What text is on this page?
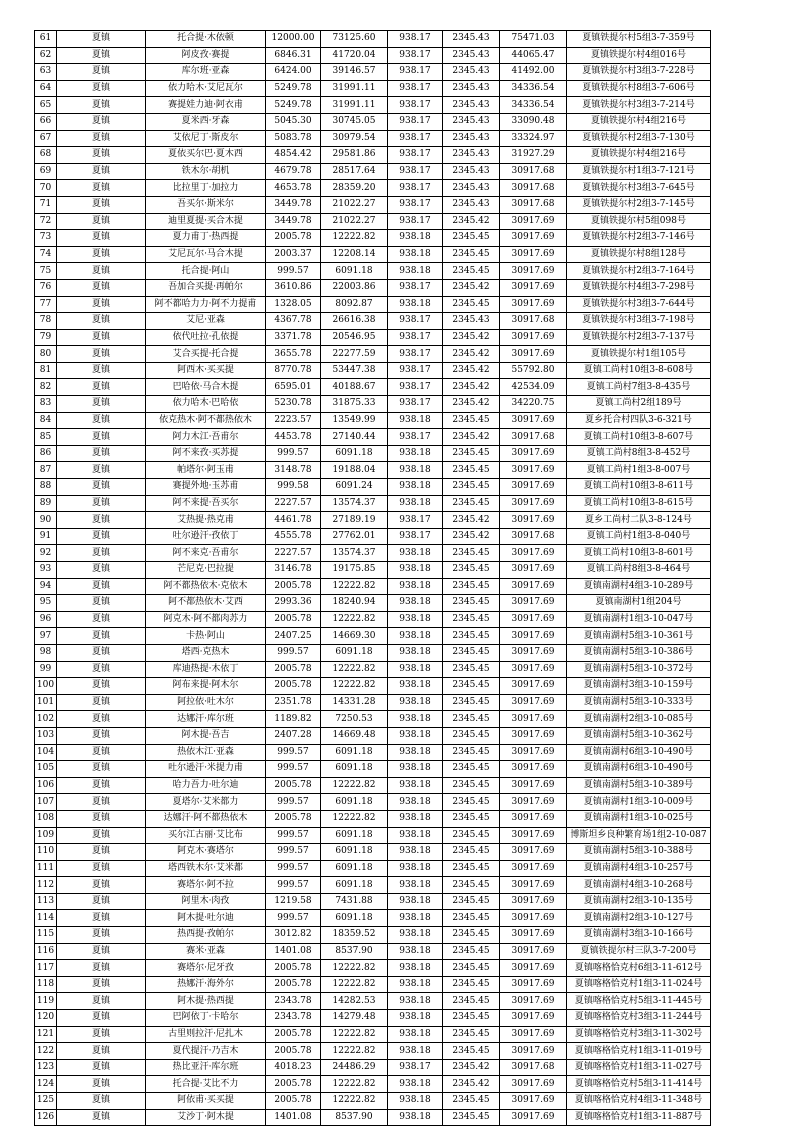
61	夏镇	托合提·木依顿	12000.00	73125.60	938.17	2345.43	75471.03	夏镇铁提尔村5组3-7-359号
62	夏镇	阿皮孜·赛提	6846.31	41720.04	938.17	2345.43	44065.47	夏镇铁提尔村4组016号
63	夏镇	库尔班·亚森	6424.00	39146.57	938.17	2345.43	41492.00	夏镇铁提尔村3组3-7-228号
64	夏镇	依力哈木·艾尼瓦尔	5249.78	31991.11	938.17	2345.43	34336.54	夏镇铁提尔村8组3-7-606号
65	夏镇	赛提娃力迪·阿衣甫	5249.78	31991.11	938.17	2345.43	34336.54	夏镇铁提尔村3组3-7-214号
66	夏镇	夏米西·牙森	5045.30	30745.05	938.17	2345.43	33090.48	夏镇铁提尔村4组216号
67	夏镇	艾依尼丁·斯皮尔	5083.78	30979.54	938.17	2345.43	33324.97	夏镇铁提尔村2组3-7-130号
68	夏镇	夏依买尔巴·夏木西	4854.42	29581.86	938.17	2345.43	31927.29	夏镇铁提尔村4组216号
69	夏镇	铁木尔·胡机	4679.78	28517.64	938.17	2345.43	30917.68	夏镇铁提尔村1组3-7-121号
70	夏镇	比拉里丁·加拉力	4653.78	28359.20	938.17	2345.43	30917.68	夏镇铁提尔村3组3-7-645号
71	夏镇	吾买尔·斯米尔	3449.78	21022.27	938.17	2345.43	30917.68	夏镇铁提尔村2组3-7-145号
72	夏镇	迪里夏提·买合木提	3449.78	21022.27	938.17	2345.42	30917.69	夏镇铁提尔村5组098号
73	夏镇	夏力甫丁·热西提	2005.78	12222.82	938.18	2345.45	30917.69	夏镇铁提尔村2组3-7-146号
74	夏镇	艾尼瓦尔·马合木提	2003.37	12208.14	938.18	2345.45	30917.69	夏镇铁提尔村8组128号
75	夏镇	托合提·阿山	999.57	6091.18	938.18	2345.45	30917.69	夏镇铁提尔村2组3-7-164号
76	夏镇	吾加合买提·再帕尔	3610.86	22003.86	938.17	2345.42	30917.69	夏镇铁提尔村4组3-7-298号
77	夏镇	阿不都哈力力·阿不力提甫	1328.05	8092.87	938.18	2345.45	30917.69	夏镇铁提尔村3组3-7-644号
78	夏镇	艾尼·亚森	4367.78	26616.38	938.17	2345.43	30917.68	夏镇铁提尔村3组3-7-198号
79	夏镇	依代吐拉·孔依提	3371.78	20546.95	938.17	2345.42	30917.69	夏镇铁提尔村2组3-7-137号
80	夏镇	艾合买提·托合提	3655.78	22277.59	938.17	2345.42	30917.69	夏镇铁提尔村1组105号
81	夏镇	阿西木·买买提	8770.78	53447.38	938.17	2345.42	55792.80	夏镇工尚村10组3-8-608号
82	夏镇	巴哈依·马合木提	6595.01	40188.67	938.17	2345.42	42534.09	夏镇工尚村7组3-8-435号
83	夏镇	依力哈木·巴哈依	5230.78	31875.33	938.17	2345.42	34220.75	夏镇工尚村2组189号
84	夏镇	依克热木·阿不都热依木	2223.57	13549.99	938.18	2345.45	30917.69	夏乡托合村四队3-6-321号
85	夏镇	阿力木江·吾甫尔	4453.78	27140.44	938.17	2345.42	30917.68	夏镇工尚村10组3-8-607号
86	夏镇	阿不来孜·买苏提	999.57	6091.18	938.18	2345.45	30917.69	夏镇工尚村8组3-8-452号
87	夏镇	帕塔尔·阿玉甫	3148.78	19188.04	938.18	2345.45	30917.69	夏镇工尚村1组3-8-007号
88	夏镇	赛提外地·玉苏甫	999.58	6091.24	938.18	2345.45	30917.69	夏镇工尚村10组3-8-611号
89	夏镇	阿不来提·吾买尔	2227.57	13574.37	938.18	2345.45	30917.69	夏镇工尚村10组3-8-615号
90	夏镇	艾热提·热克甫	4461.78	27189.19	938.17	2345.42	30917.69	夏乡工尚村二队3-8-124号
91	夏镇	吐尔逊汗·孜依丁	4555.78	27762.01	938.17	2345.42	30917.68	夏镇工尚村1组3-8-040号
92	夏镇	阿不来克·吾甫尔	2227.57	13574.37	938.18	2345.45	30917.69	夏镇工尚村10组3-8-601号
93	夏镇	芒尼克·巴拉提	3146.78	19175.85	938.18	2345.45	30917.69	夏镇工尚村8组3-8-464号
94	夏镇	阿不都热依木·克依木	2005.78	12222.82	938.18	2345.45	30917.69	夏镇南湖村4组3-10-289号
95	夏镇	阿不都热依木·艾西	2993.36	18240.94	938.18	2345.45	30917.69	夏镇南湖村1组204号
96	夏镇	阿克木·阿不都肉苏力	2005.78	12222.82	938.18	2345.45	30917.69	夏镇南湖村1组3-10-047号
97	夏镇	卡热·阿山	2407.25	14669.30	938.18	2345.45	30917.69	夏镇南湖村5组3-10-361号
98	夏镇	塔西·克热木	999.57	6091.18	938.18	2345.45	30917.69	夏镇南湖村5组3-10-386号
99	夏镇	库迪热提·木依丁	2005.78	12222.82	938.18	2345.45	30917.69	夏镇南湖村5组3-10-372号
100	夏镇	阿布来提·阿木尔	2005.78	12222.82	938.18	2345.45	30917.69	夏镇南湖村3组3-10-159号
101	夏镇	阿拉依·吐木尔	2351.78	14331.28	938.18	2345.45	30917.69	夏镇南湖村5组3-10-333号
102	夏镇	达娜汗·库尔班	1189.82	7250.53	938.18	2345.45	30917.69	夏镇南湖村2组3-10-085号
103	夏镇	阿木提·吾吉	2407.28	14669.48	938.18	2345.45	30917.69	夏镇南湖村5组3-10-362号
104	夏镇	热依木江·亚森	999.57	6091.18	938.18	2345.45	30917.69	夏镇南湖村6组3-10-490号
105	夏镇	吐尔逊汗·米提力甫	999.57	6091.18	938.18	2345.45	30917.69	夏镇南湖村6组3-10-490号
106	夏镇	哈力吾力·吐尔迪	2005.78	12222.82	938.18	2345.45	30917.69	夏镇南湖村5组3-10-389号
107	夏镇	夏塔尔·艾米都力	999.57	6091.18	938.18	2345.45	30917.69	夏镇南湖村1组3-10-009号
108	夏镇	达娜汗·阿不都热依木	2005.78	12222.82	938.18	2345.45	30917.69	夏镇南湖村1组3-10-025号
109	夏镇	买尔江古丽·艾比布	999.57	6091.18	938.18	2345.45	30917.69	博斯坦乡良种繁育场1组2-10-087
110	夏镇	阿克木·赛塔尔	999.57	6091.18	938.18	2345.45	30917.69	夏镇南湖村5组3-10-388号
111	夏镇	塔西铁木尔·艾米都	999.57	6091.18	938.18	2345.45	30917.69	夏镇南湖村4组3-10-257号
112	夏镇	赛塔尔·阿不拉	999.57	6091.18	938.18	2345.45	30917.69	夏镇南湖村4组3-10-268号
113	夏镇	阿里木·肉孜	1219.58	7431.88	938.18	2345.45	30917.69	夏镇南湖村2组3-10-135号
114	夏镇	阿木提·吐尔迪	999.57	6091.18	938.18	2345.45	30917.69	夏镇南湖村2组3-10-127号
115	夏镇	热西提·孜帕尔	3012.82	18359.52	938.18	2345.45	30917.69	夏镇南湖村3组3-10-166号
116	夏镇	赛米·亚森	1401.08	8537.90	938.18	2345.45	30917.69	夏镇铁提尔村三队3-7-200号
117	夏镇	赛塔尔·尼牙孜	2005.78	12222.82	938.18	2345.45	30917.69	夏镇喀格恰克村6组3-11-612号
118	夏镇	热娜汗·海外尔	2005.78	12222.82	938.18	2345.45	30917.69	夏镇喀格恰克村1组3-11-024号
119	夏镇	阿木提·热西提	2343.78	14282.53	938.18	2345.45	30917.69	夏镇喀格恰克村5组3-11-445号
120	夏镇	巴阿依丁·卡哈尔	2343.78	14279.48	938.18	2345.45	30917.69	夏镇喀格恰克村3组3-11-244号
121	夏镇	古里则拉汗·尼扎木	2005.78	12222.82	938.18	2345.45	30917.69	夏镇喀格恰克村3组3-11-302号
122	夏镇	夏代提汗·乃吉木	2005.78	12222.82	938.18	2345.45	30917.69	夏镇喀格恰克村1组3-11-019号
123	夏镇	热比亚汗·库尔班	4018.23	24486.29	938.17	2345.42	30917.68	夏镇喀格恰克村1组3-11-027号
124	夏镇	托合提·艾比不力	2005.78	12222.82	938.18	2345.42	30917.69	夏镇喀格恰克村5组3-11-414号
125	夏镇	阿依甫·买买提	2005.78	12222.82	938.18	2345.45	30917.69	夏镇喀格恰克村4组3-11-348号
126	夏镇	艾沙丁·阿木提	1401.08	8537.90	938.18	2345.45	30917.69	夏镇喀格恰克村1组3-11-887号
